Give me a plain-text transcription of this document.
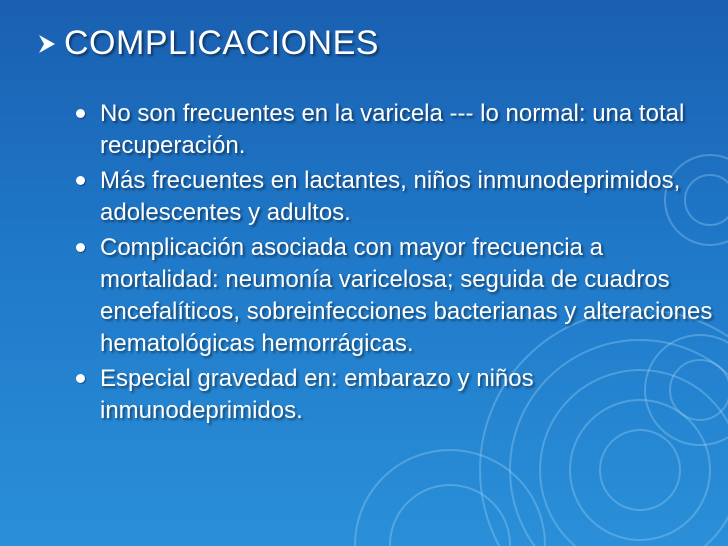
COMPLICACIONES
No son frecuentes en la varicela --- lo normal: una total recuperación.
Más frecuentes en lactantes, niños inmunodeprimidos, adolescentes y adultos.
Complicación asociada con mayor frecuencia a mortalidad: neumonía varicelosa; seguida de cuadros encefalíticos, sobreinfecciones bacterianas y alteraciones hematológicas hemorrágicas.
Especial gravedad en: embarazo y niños inmunodeprimidos.
